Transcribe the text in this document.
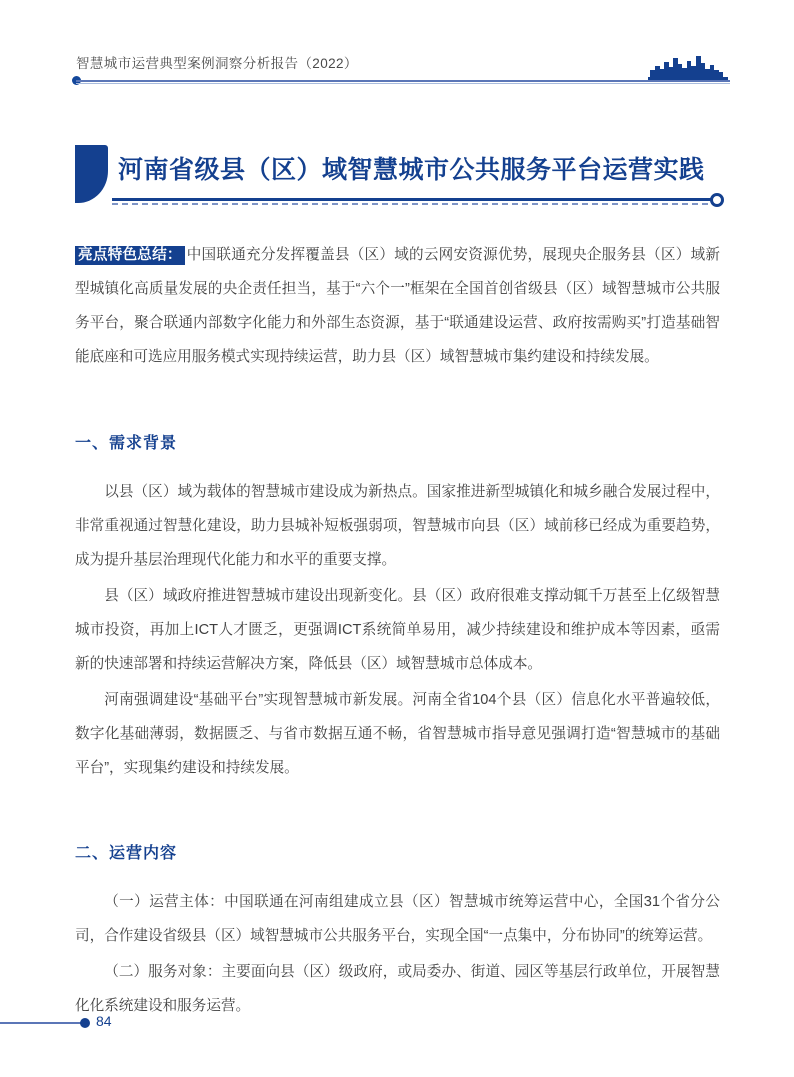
智慧城市运营典型案例洞察分析报告（2022）
河南省级县（区）域智慧城市公共服务平台运营实践

亮点特色总结： 中国联通充分发挥覆盖县（区）域的云网安资源优势，展现央企服务县（区）域新型城镇化高质量发展的央企责任担当，基于“六个一”框架在全国首创省级县（区）域智慧城市公共服务平台，聚合联通内部数字化能力和外部生态资源，基于“联通建设运营、政府按需购买”打造基础智能底座和可选应用服务模式实现持续运营，助力县（区）域智慧城市集约建设和持续发展。

一、需求背景

以县（区）域为载体的智慧城市建设成为新热点。国家推进新型城镇化和城乡融合发展过程中，非常重视通过智慧化建设，助力县城补短板强弱项，智慧城市向县（区）域前移已经成为重要趋势，成为提升基层治理现代化能力和水平的重要支撑。

县（区）域政府推进智慧城市建设出现新变化。县（区）政府很难支撑动辄千万甚至上亿级智慧城市投资，再加上ICT人才匮乏，更强调ICT系统简单易用，减少持续建设和维护成本等因素，亟需新的快速部署和持续运营解决方案，降低县（区）域智慧城市总体成本。

河南强调建设“基础平台”实现智慧城市新发展。河南全省104个县（区）信息化水平普遍较低，数字化基础薄弱，数据匮乏、与省市数据互通不畅，省智慧城市指导意见强调打造“智慧城市的基础平台”，实现集约建设和持续发展。

二、运营内容

（一）运营主体：中国联通在河南组建成立县（区）智慧城市统筹运营中心，全国31个省分公司，合作建设省级县（区）域智慧城市公共服务平台，实现全国“一点集中，分布协同”的统筹运营。

（二）服务对象：主要面向县（区）级政府，或局委办、街道、园区等基层行政单位，开展智慧化化系统建设和服务运营。

84
